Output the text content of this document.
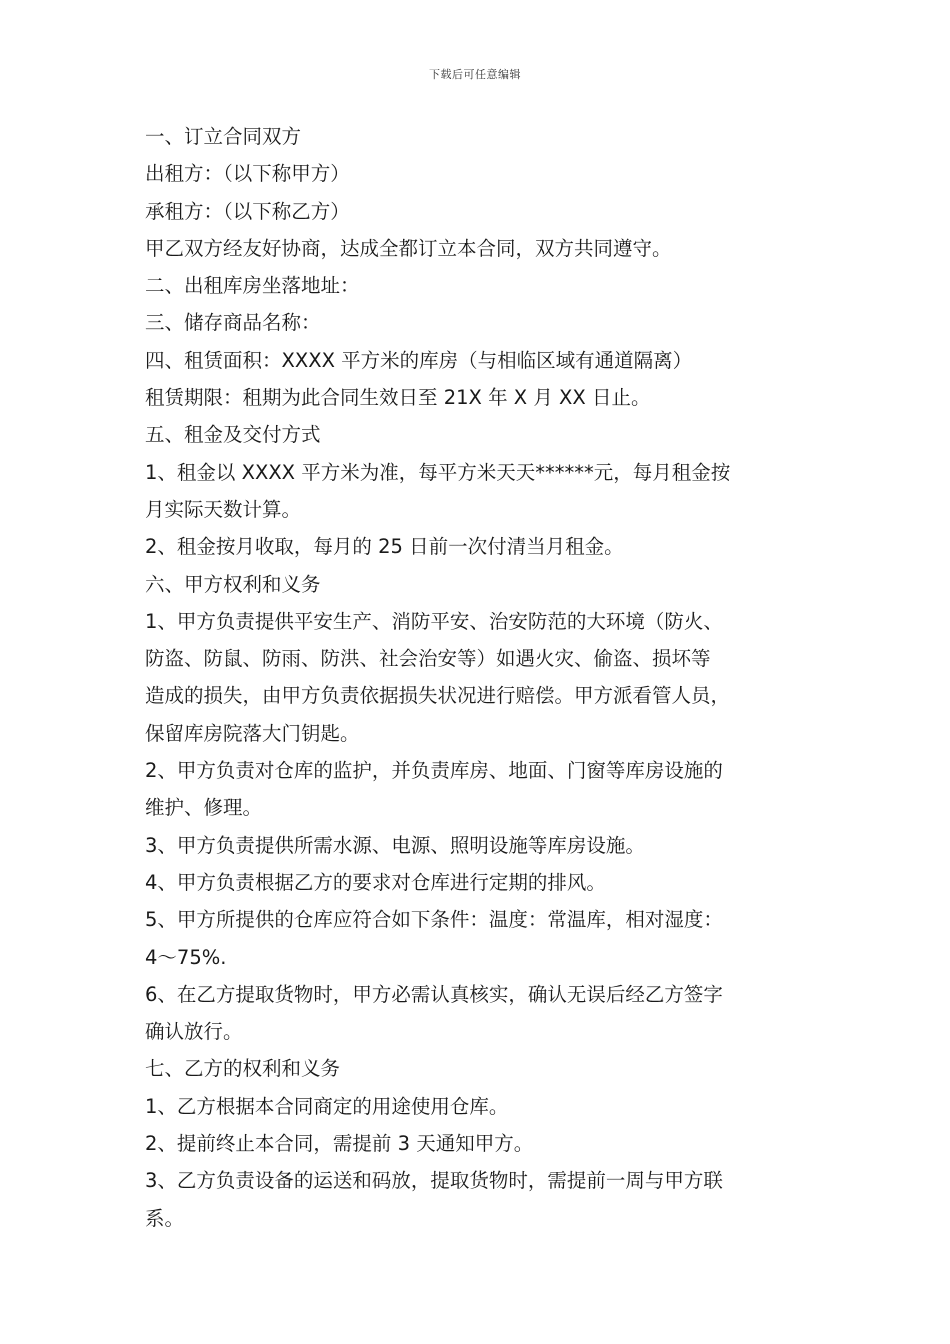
下载后可任意编辑
一、订立合同双方
出租方：（以下称甲方）
承租方：（以下称乙方）
甲乙双方经友好协商，达成全都订立本合同，双方共同遵守。
二、出租库房坐落地址：
三、储存商品名称：
四、租赁面积：XXXX 平方米的库房（与相临区域有通道隔离）
租赁期限：租期为此合同生效日至 21X 年 X 月 XX 日止。
五、租金及交付方式
1、租金以 XXXX 平方米为准，每平方米天天******元，每月租金按
月实际天数计算。
2、租金按月收取，每月的 25 日前一次付清当月租金。
六、甲方权利和义务
1、甲方负责提供平安生产、消防平安、治安防范的大环境（防火、
防盗、防鼠、防雨、防洪、社会治安等）如遇火灾、偷盗、损坏等
造成的损失，由甲方负责依据损失状况进行赔偿。甲方派看管人员，
保留库房院落大门钥匙。
2、甲方负责对仓库的监护，并负责库房、地面、门窗等库房设施的
维护、修理。
3、甲方负责提供所需水源、电源、照明设施等库房设施。
4、甲方负责根据乙方的要求对仓库进行定期的排风。
5、甲方所提供的仓库应符合如下条件：温度：常温库，相对湿度：
4～75%.
6、在乙方提取货物时，甲方必需认真核实，确认无误后经乙方签字
确认放行。
七、乙方的权利和义务
1、乙方根据本合同商定的用途使用仓库。
2、提前终止本合同，需提前 3 天通知甲方。
3、乙方负责设备的运送和码放，提取货物时，需提前一周与甲方联
系。
